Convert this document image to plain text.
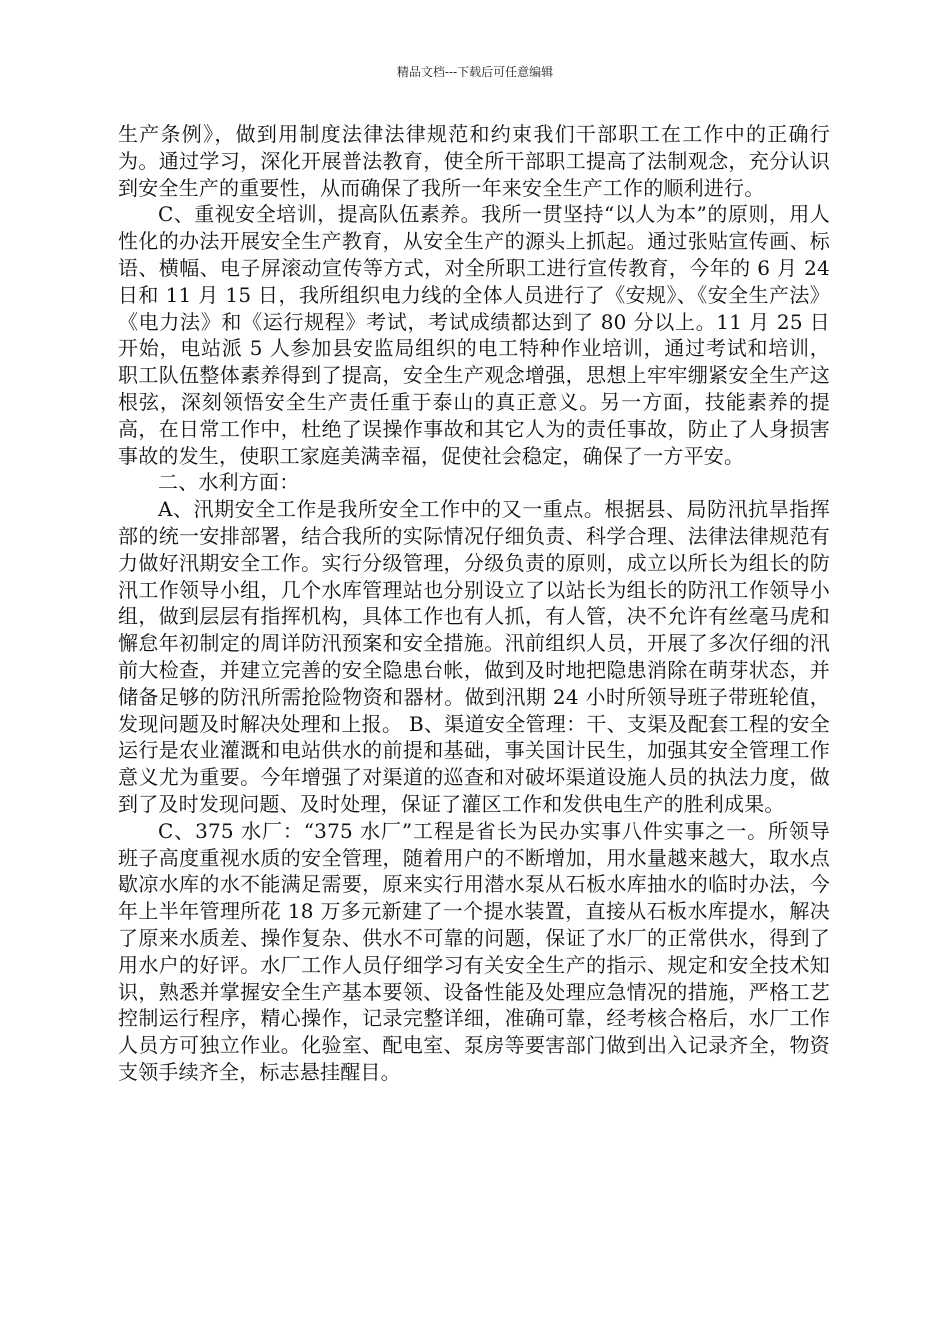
精品文档---下载后可任意编辑

生产条例》，做到用制度法律法律规范和约束我们干部职工在工作中的正确行为。通过学习，深化开展普法教育，使全所干部职工提高了法制观念，充分认识到安全生产的重要性，从而确保了我所一年来安全生产工作的顺利进行。

C、重视安全培训，提高队伍素养。我所一贯坚持“以人为本”的原则，用人性化的办法开展安全生产教育，从安全生产的源头上抓起。通过张贴宣传画、标语、横幅、电子屏滚动宣传等方式，对全所职工进行宣传教育，今年的 6 月 24 日和 11 月 15 日，我所组织电力线的全体人员进行了《安规》、《安全生产法》《电力法》和《运行规程》考试，考试成绩都达到了 80 分以上。11 月 25 日开始，电站派 5 人参加县安监局组织的电工特种作业培训，通过考试和培训，职工队伍整体素养得到了提高，安全生产观念增强，思想上牢牢绷紧安全生产这根弦，深刻领悟安全生产责任重于泰山的真正意义。另一方面，技能素养的提高，在日常工作中，杜绝了误操作事故和其它人为的责任事故，防止了人身损害事故的发生，使职工家庭美满幸福，促使社会稳定，确保了一方平安。

二、水利方面：

A、汛期安全工作是我所安全工作中的又一重点。根据县、局防汛抗旱指挥部的统一安排部署，结合我所的实际情况仔细负责、科学合理、法律法律规范有力做好汛期安全工作。实行分级管理，分级负责的原则，成立以所长为组长的防汛工作领导小组，几个水库管理站也分别设立了以站长为组长的防汛工作领导小组，做到层层有指挥机构，具体工作也有人抓，有人管，决不允许有丝毫马虎和懈怠年初制定的周详防汛预案和安全措施。汛前组织人员，开展了多次仔细的汛前大检查，并建立完善的安全隐患台帐，做到及时地把隐患消除在萌芽状态，并储备足够的防汛所需抢险物资和器材。做到汛期 24 小时所领导班子带班轮值，发现问题及时解决处理和上报。 B、渠道安全管理：干、支渠及配套工程的安全运行是农业灌溉和电站供水的前提和基础，事关国计民生，加强其安全管理工作意义尤为重要。今年增强了对渠道的巡查和对破坏渠道设施人员的执法力度，做到了及时发现问题、及时处理，保证了灌区工作和发供电生产的胜利成果。

C、375 水厂：“375 水厂”工程是省长为民办实事八件实事之一。所领导班子高度重视水质的安全管理，随着用户的不断增加，用水量越来越大，取水点歇凉水库的水不能满足需要，原来实行用潜水泵从石板水库抽水的临时办法，今年上半年管理所花 18 万多元新建了一个提水装置，直接从石板水库提水，解决了原来水质差、操作复杂、供水不可靠的问题，保证了水厂的正常供水，得到了用水户的好评。水厂工作人员仔细学习有关安全生产的指示、规定和安全技术知识，熟悉并掌握安全生产基本要领、设备性能及处理应急情况的措施，严格工艺控制运行程序，精心操作，记录完整详细，准确可靠，经考核合格后，水厂工作人员方可独立作业。化验室、配电室、泵房等要害部门做到出入记录齐全，物资支领手续齐全，标志悬挂醒目。
